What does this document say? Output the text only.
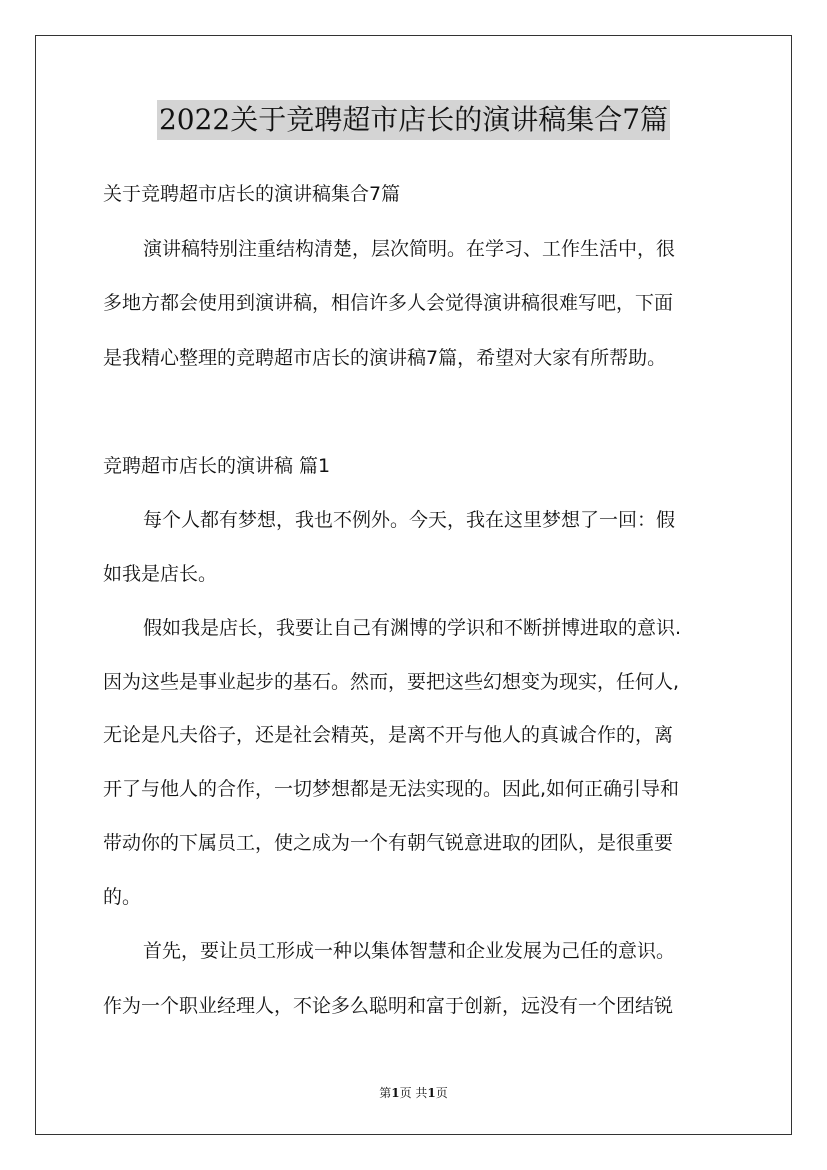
2022关于竞聘超市店长的演讲稿集合7篇
关于竞聘超市店长的演讲稿集合7篇
演讲稿特别注重结构清楚，层次简明。在学习、工作生活中，很
多地方都会使用到演讲稿，相信许多人会觉得演讲稿很难写吧，下面
是我精心整理的竞聘超市店长的演讲稿7篇，希望对大家有所帮助。
竞聘超市店长的演讲稿 篇1
每个人都有梦想，我也不例外。今天，我在这里梦想了一回：假
如我是店长。
假如我是店长，我要让自己有渊博的学识和不断拼博进取的意识.
因为这些是事业起步的基石。然而，要把这些幻想变为现实，任何人,
无论是凡夫俗子，还是社会精英，是离不开与他人的真诚合作的，离
开了与他人的合作，一切梦想都是无法实现的。因此,如何正确引导和
带动你的下属员工，使之成为一个有朝气锐意进取的团队，是很重要
的。
首先，要让员工形成一种以集体智慧和企业发展为己任的意识。
作为一个职业经理人，不论多么聪明和富于创新，远没有一个团结锐
第1页 共1页
